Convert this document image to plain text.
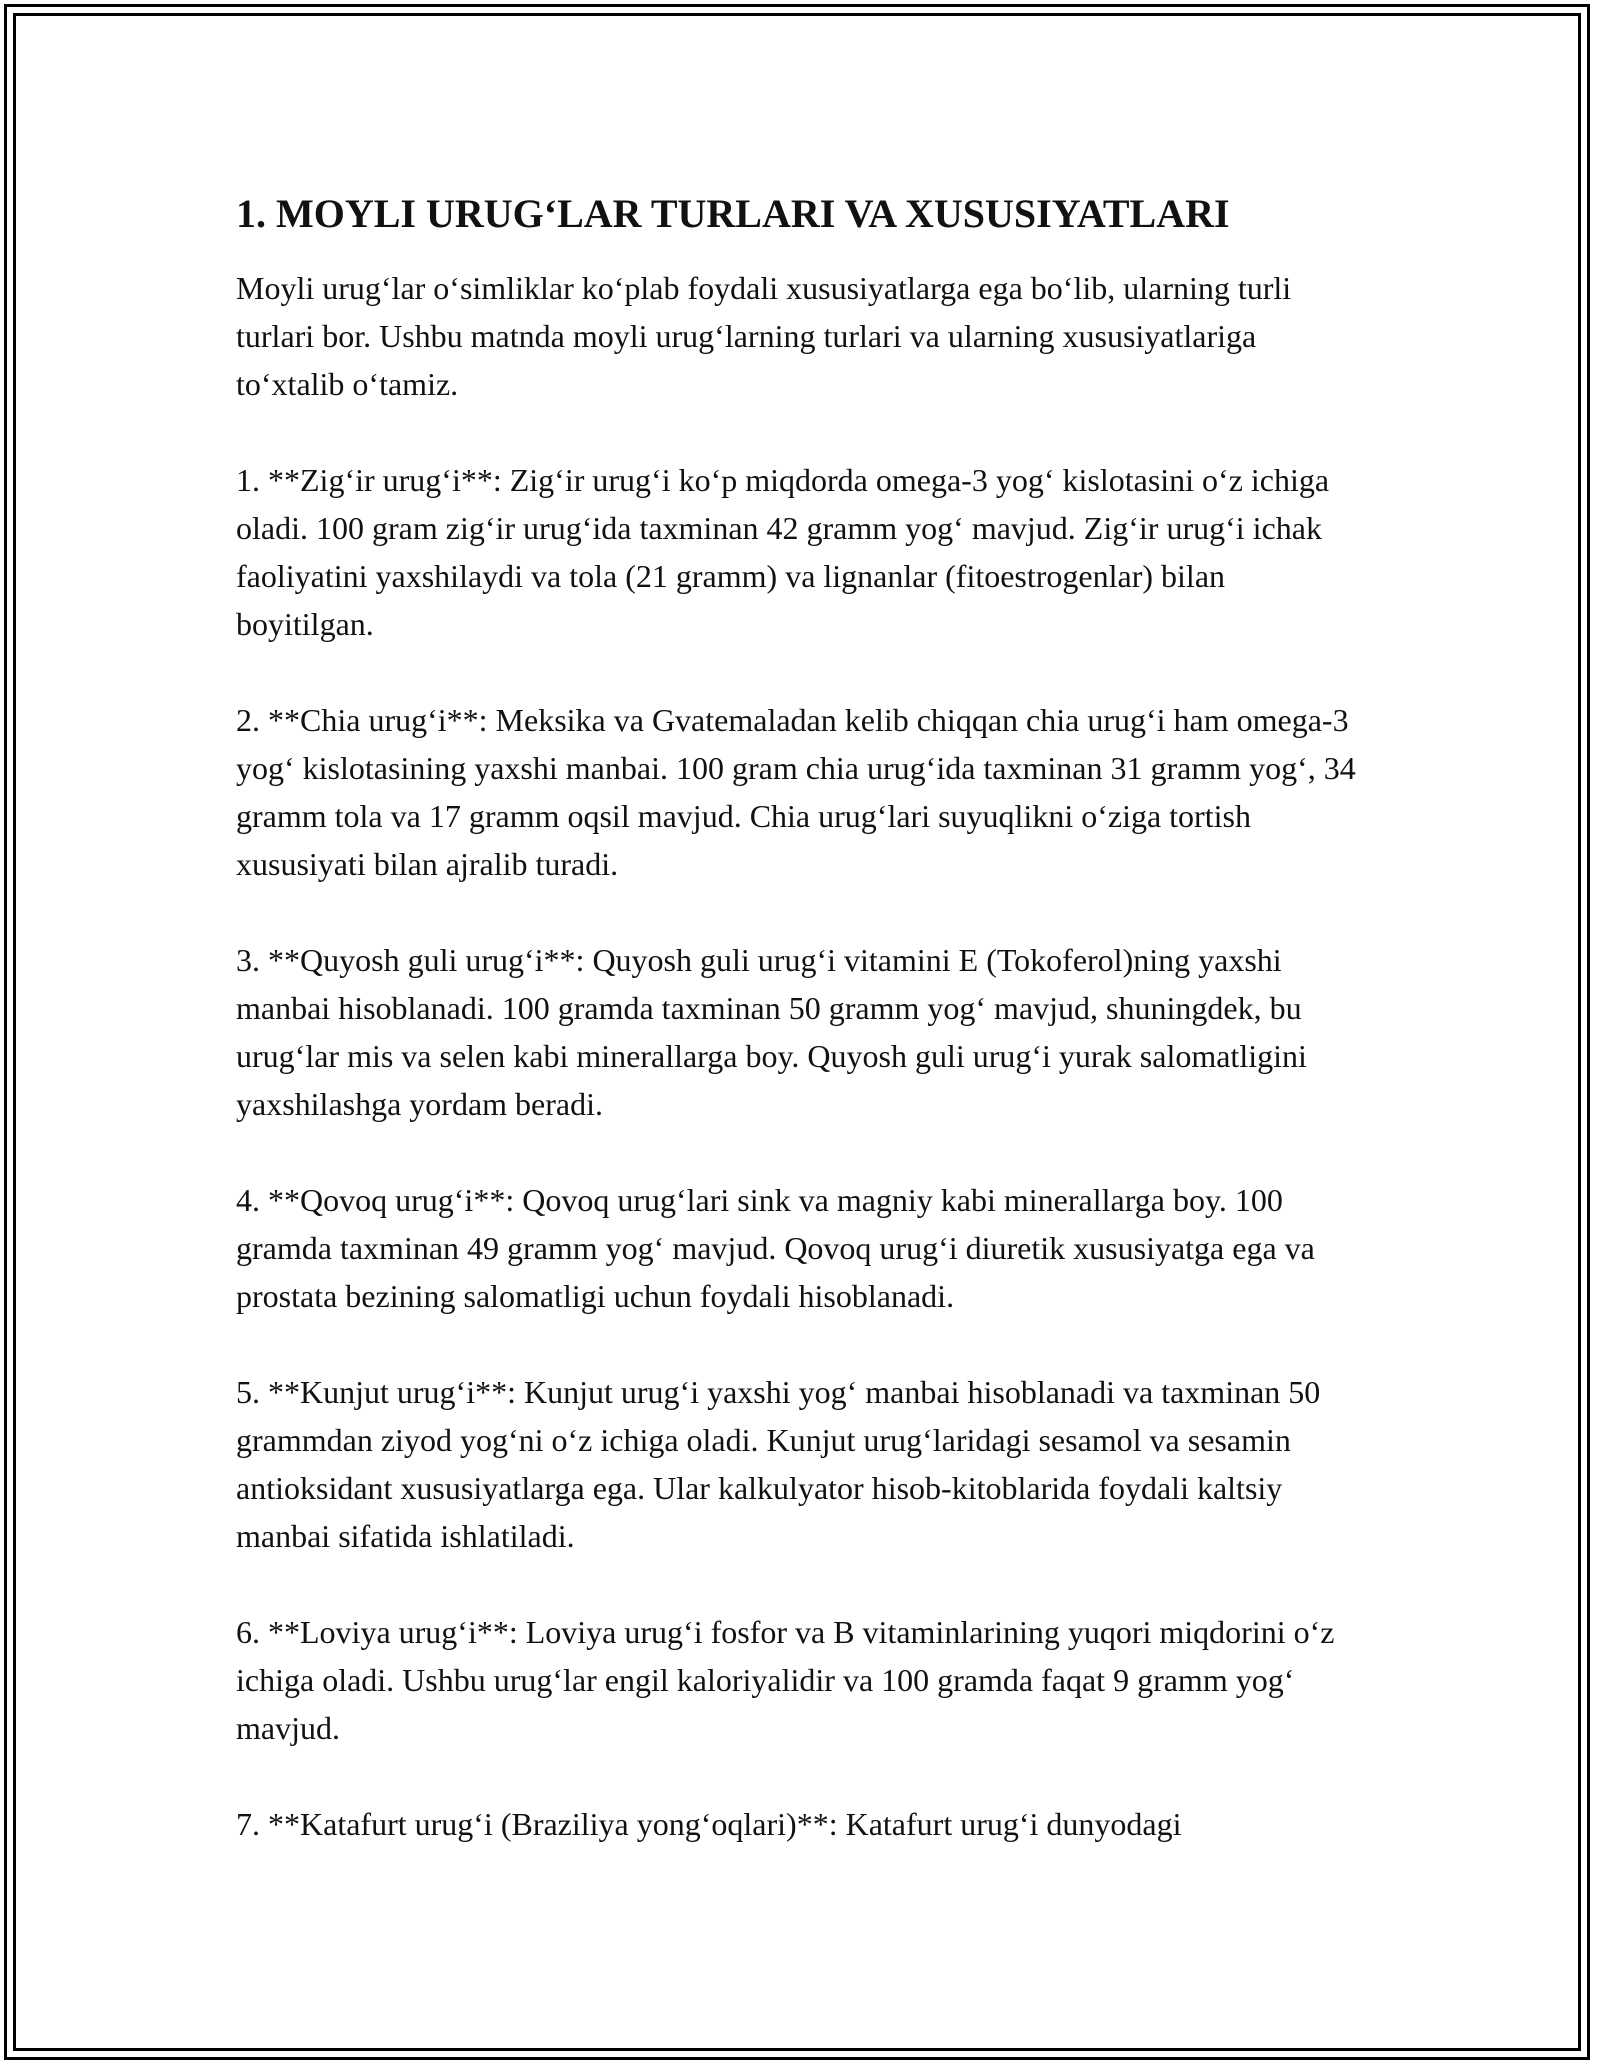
1. MOYLI URUG‘LAR TURLARI VA XUSUSIYATLARI

Moyli urug‘lar o‘simliklar ko‘plab foydali xususiyatlarga ega bo‘lib, ularning turli turlari bor. Ushbu matnda moyli urug‘larning turlari va ularning xususiyatlariga to‘xtalib o‘tamiz.

1. **Zig‘ir urug‘i**: Zig‘ir urug‘i ko‘p miqdorda omega-3 yog‘ kislotasini o‘z ichiga oladi. 100 gram zig‘ir urug‘ida taxminan 42 gramm yog‘ mavjud. Zig‘ir urug‘i ichak faoliyatini yaxshilaydi va tola (21 gramm) va lignanlar (fitoestrogenlar) bilan boyitilgan.

2. **Chia urug‘i**: Meksika va Gvatemaladan kelib chiqqan chia urug‘i ham omega-3 yog‘ kislotasining yaxshi manbai. 100 gram chia urug‘ida taxminan 31 gramm yog‘, 34 gramm tola va 17 gramm oqsil mavjud. Chia urug‘lari suyuqlikni o‘ziga tortish xususiyati bilan ajralib turadi.

3. **Quyosh guli urug‘i**: Quyosh guli urug‘i vitamini E (Tokoferol)ning yaxshi manbai hisoblanadi. 100 gramda taxminan 50 gramm yog‘ mavjud, shuningdek, bu urug‘lar mis va selen kabi minerallarga boy. Quyosh guli urug‘i yurak salomatligini yaxshilashga yordam beradi.

4. **Qovoq urug‘i**: Qovoq urug‘lari sink va magniy kabi minerallarga boy. 100 gramda taxminan 49 gramm yog‘ mavjud. Qovoq urug‘i diuretik xususiyatga ega va prostata bezining salomatligi uchun foydali hisoblanadi.

5. **Kunjut urug‘i**: Kunjut urug‘i yaxshi yog‘ manbai hisoblanadi va taxminan 50 grammdan ziyod yog‘ni o‘z ichiga oladi. Kunjut urug‘laridagi sesamol va sesamin antioksidant xususiyatlarga ega. Ular kalkulyator hisob-kitoblarida foydali kaltsiy manbai sifatida ishlatiladi.

6. **Loviya urug‘i**: Loviya urug‘i fosfor va B vitaminlarining yuqori miqdorini o‘z ichiga oladi. Ushbu urug‘lar engil kaloriyalidir va 100 gramda faqat 9 gramm yog‘ mavjud.

7. **Katafurt urug‘i (Braziliya yong‘oqlari)**: Katafurt urug‘i dunyodagi
